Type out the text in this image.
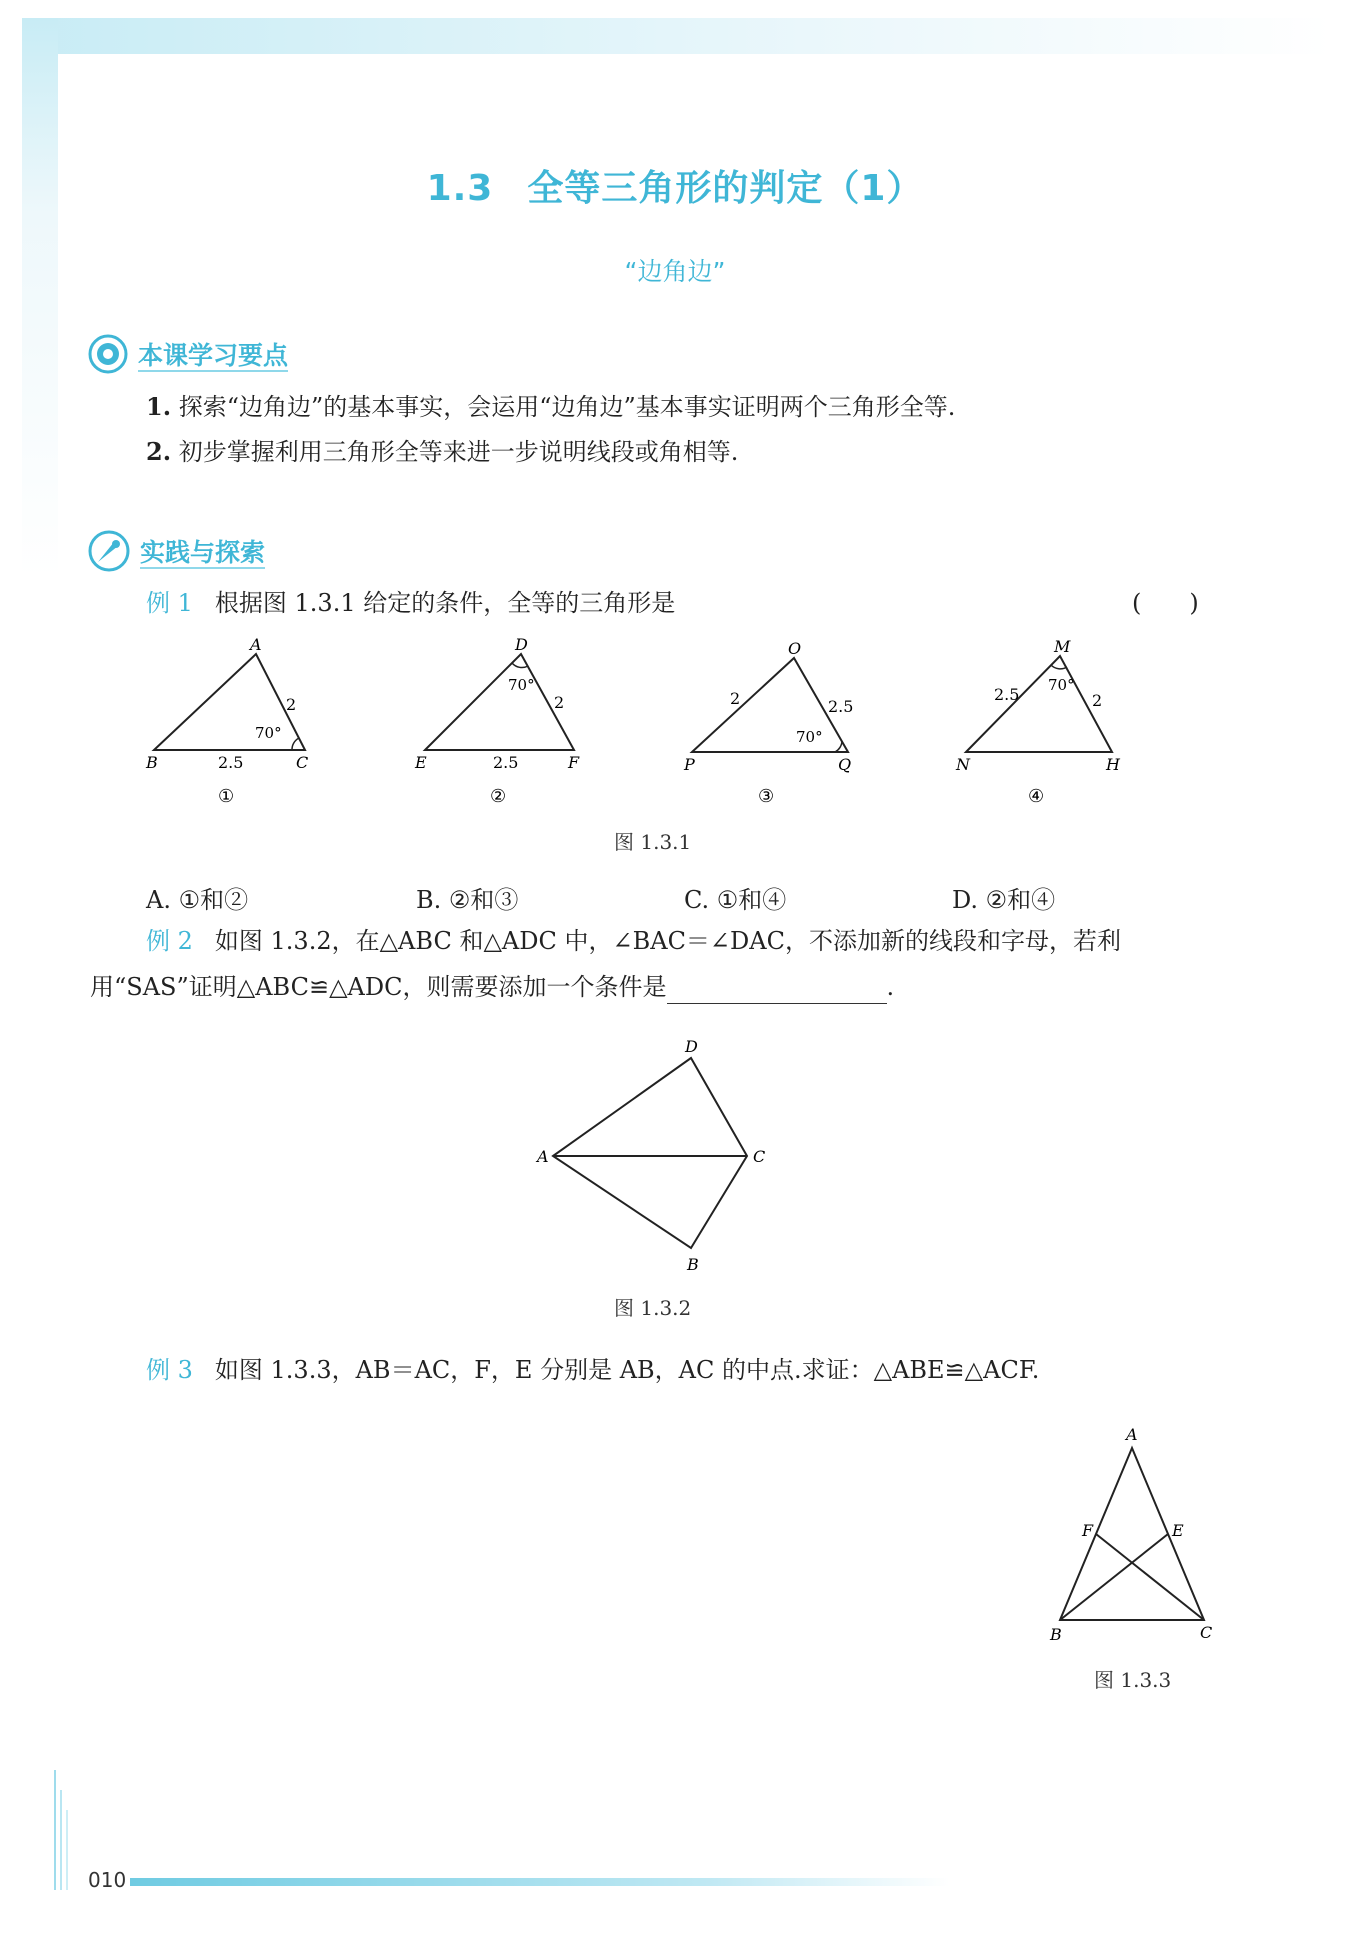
1.3 全等三角形的判定（1）
“边角边”
本课学习要点
1. 探索“边角边”的基本事实，会运用“边角边”基本事实证明两个三角形全等.
2. 初步掌握利用三角形全等来进一步说明线段或角相等.
实践与探索
例 1 根据图 1.3.1 给定的条件，全等的三角形是	(　　)
A
B	C
2
2.5
70°
①
D
E	F
2
2.5
70°
②
O
P	Q
2	2.5
70°
③
M
N	H
2.5	2
70°
④
图 1.3.1
A. ①和②	B. ②和③	C. ①和④	D. ②和④
例 2 如图 1.3.2，在△ABC 和△ADC 中，∠BAC＝∠DAC，不添加新的线段和字母，若利
用“SAS”证明△ABC≌△ADC，则需要添加一个条件是	.
D
A	C
B
图 1.3.2
例 3 如图 1.3.3，AB＝AC，F，E 分别是 AB，AC 的中点.求证：△ABE≌△ACF.
A
F	E
B	C
图 1.3.3
010
